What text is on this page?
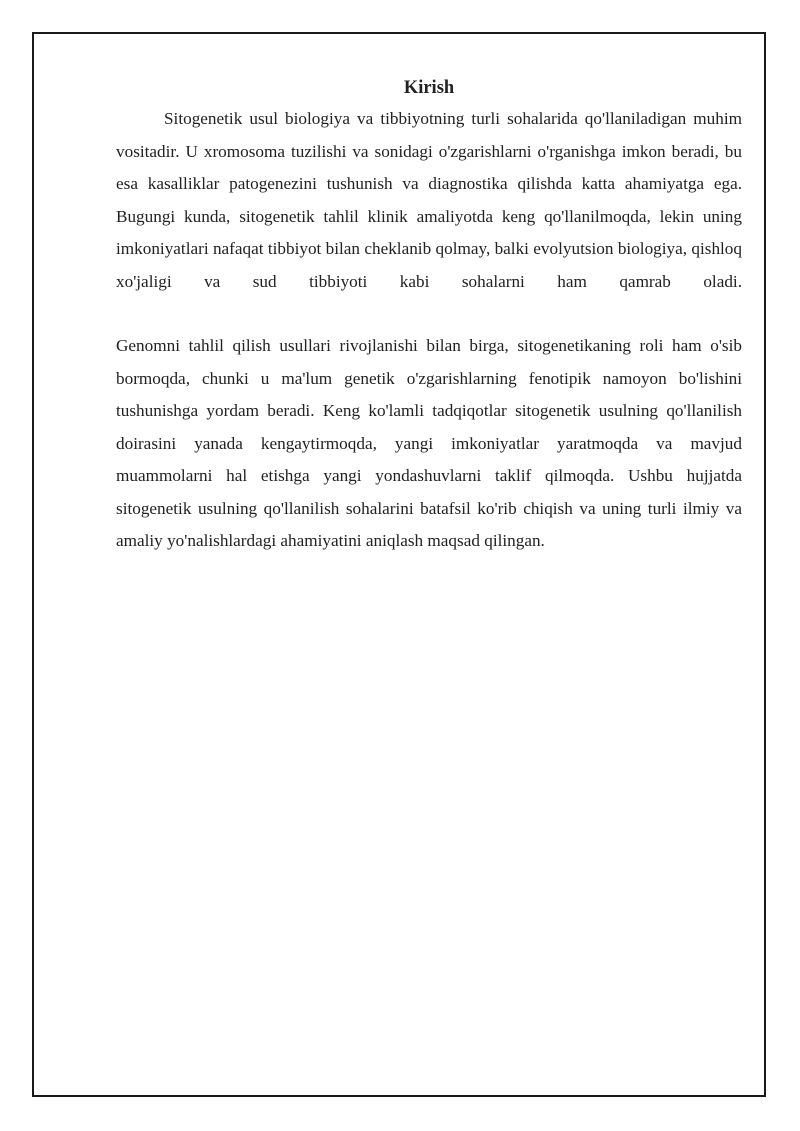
Kirish

Sitogenetik usul biologiya va tibbiyotning turli sohalarida qo'llaniladigan muhim vositadir. U xromosoma tuzilishi va sonidagi o'zgarishlarni o'rganishga imkon beradi, bu esa kasalliklar patogenezini tushunish va diagnostika qilishda katta ahamiyatga ega. Bugungi kunda, sitogenetik tahlil klinik amaliyotda keng qo'llanilmoqda, lekin uning imkoniyatlari nafaqat tibbiyot bilan cheklanib qolmay, balki evolyutsion biologiya, qishloq xo'jaligi va sud tibbiyoti kabi sohalarni ham qamrab oladi.

Genomni tahlil qilish usullari rivojlanishi bilan birga, sitogenetikaning roli ham o'sib bormoqda, chunki u ma'lum genetik o'zgarishlarning fenotipik namoyon bo'lishini tushunishga yordam beradi. Keng ko'lamli tadqiqotlar sitogenetik usulning qo'llanilish doirasini yanada kengaytirmoqda, yangi imkoniyatlar yaratmoqda va mavjud muammolarni hal etishga yangi yondashuvlarni taklif qilmoqda. Ushbu hujjatda sitogenetik usulning qo'llanilish sohalarini batafsil ko'rib chiqish va uning turli ilmiy va amaliy yo'nalishlardagi ahamiyatini aniqlash maqsad qilingan.
